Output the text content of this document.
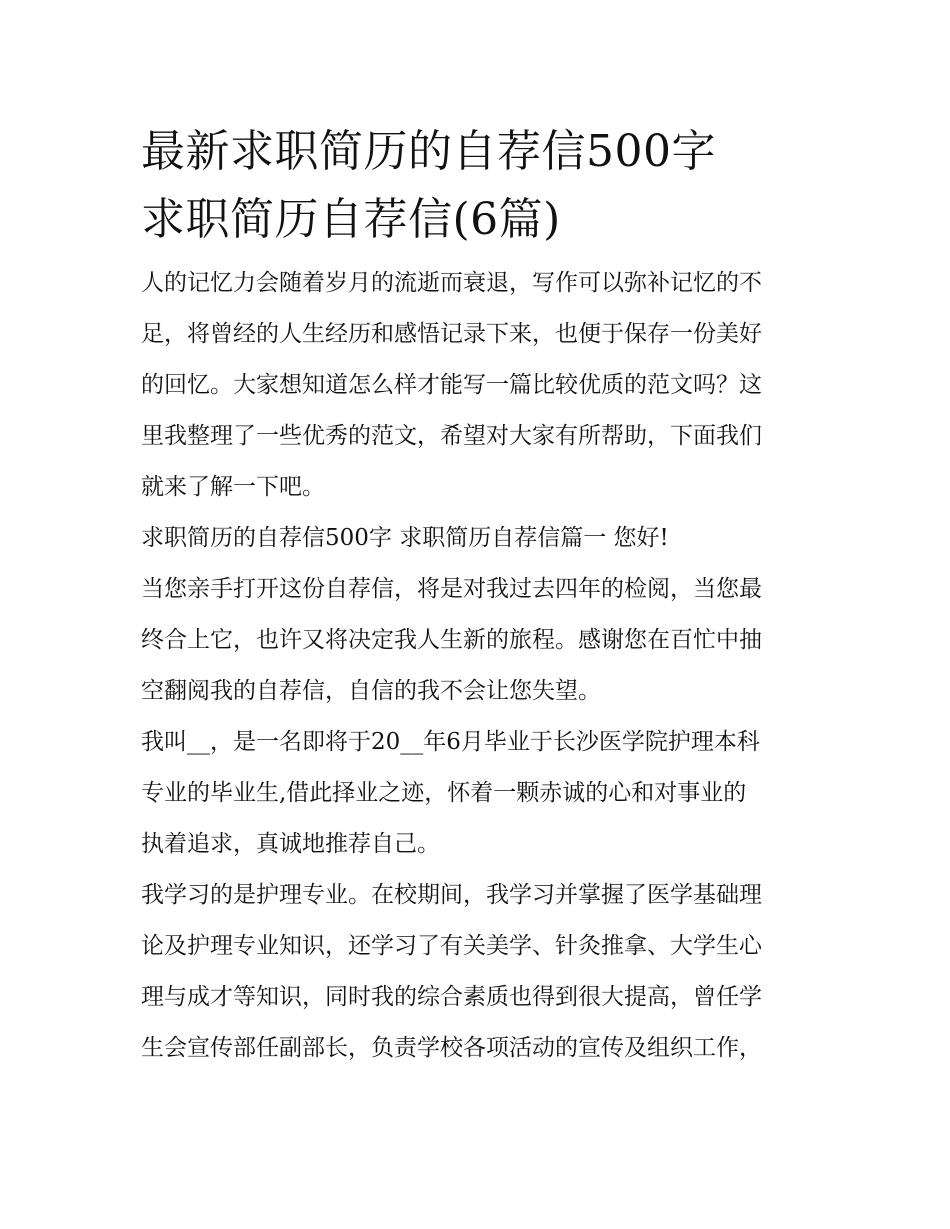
最新求职简历的自荐信500字
求职简历自荐信(6篇)

人的记忆力会随着岁月的流逝而衰退，写作可以弥补记忆的不
足，将曾经的人生经历和感悟记录下来，也便于保存一份美好
的回忆。大家想知道怎么样才能写一篇比较优质的范文吗？这
里我整理了一些优秀的范文，希望对大家有所帮助，下面我们
就来了解一下吧。

求职简历的自荐信500字 求职简历自荐信篇一 您好!

当您亲手打开这份自荐信，将是对我过去四年的检阅，当您最
终合上它，也许又将决定我人生新的旅程。感谢您在百忙中抽
空翻阅我的自荐信，自信的我不会让您失望。

我叫__，是一名即将于20__年6月毕业于长沙医学院护理本科
专业的毕业生,借此择业之迹，怀着一颗赤诚的心和对事业的
执着追求，真诚地推荐自己。

我学习的是护理专业。在校期间，我学习并掌握了医学基础理
论及护理专业知识，还学习了有关美学、针灸推拿、大学生心
理与成才等知识，同时我的综合素质也得到很大提高，曾任学
生会宣传部任副部长，负责学校各项活动的宣传及组织工作，
